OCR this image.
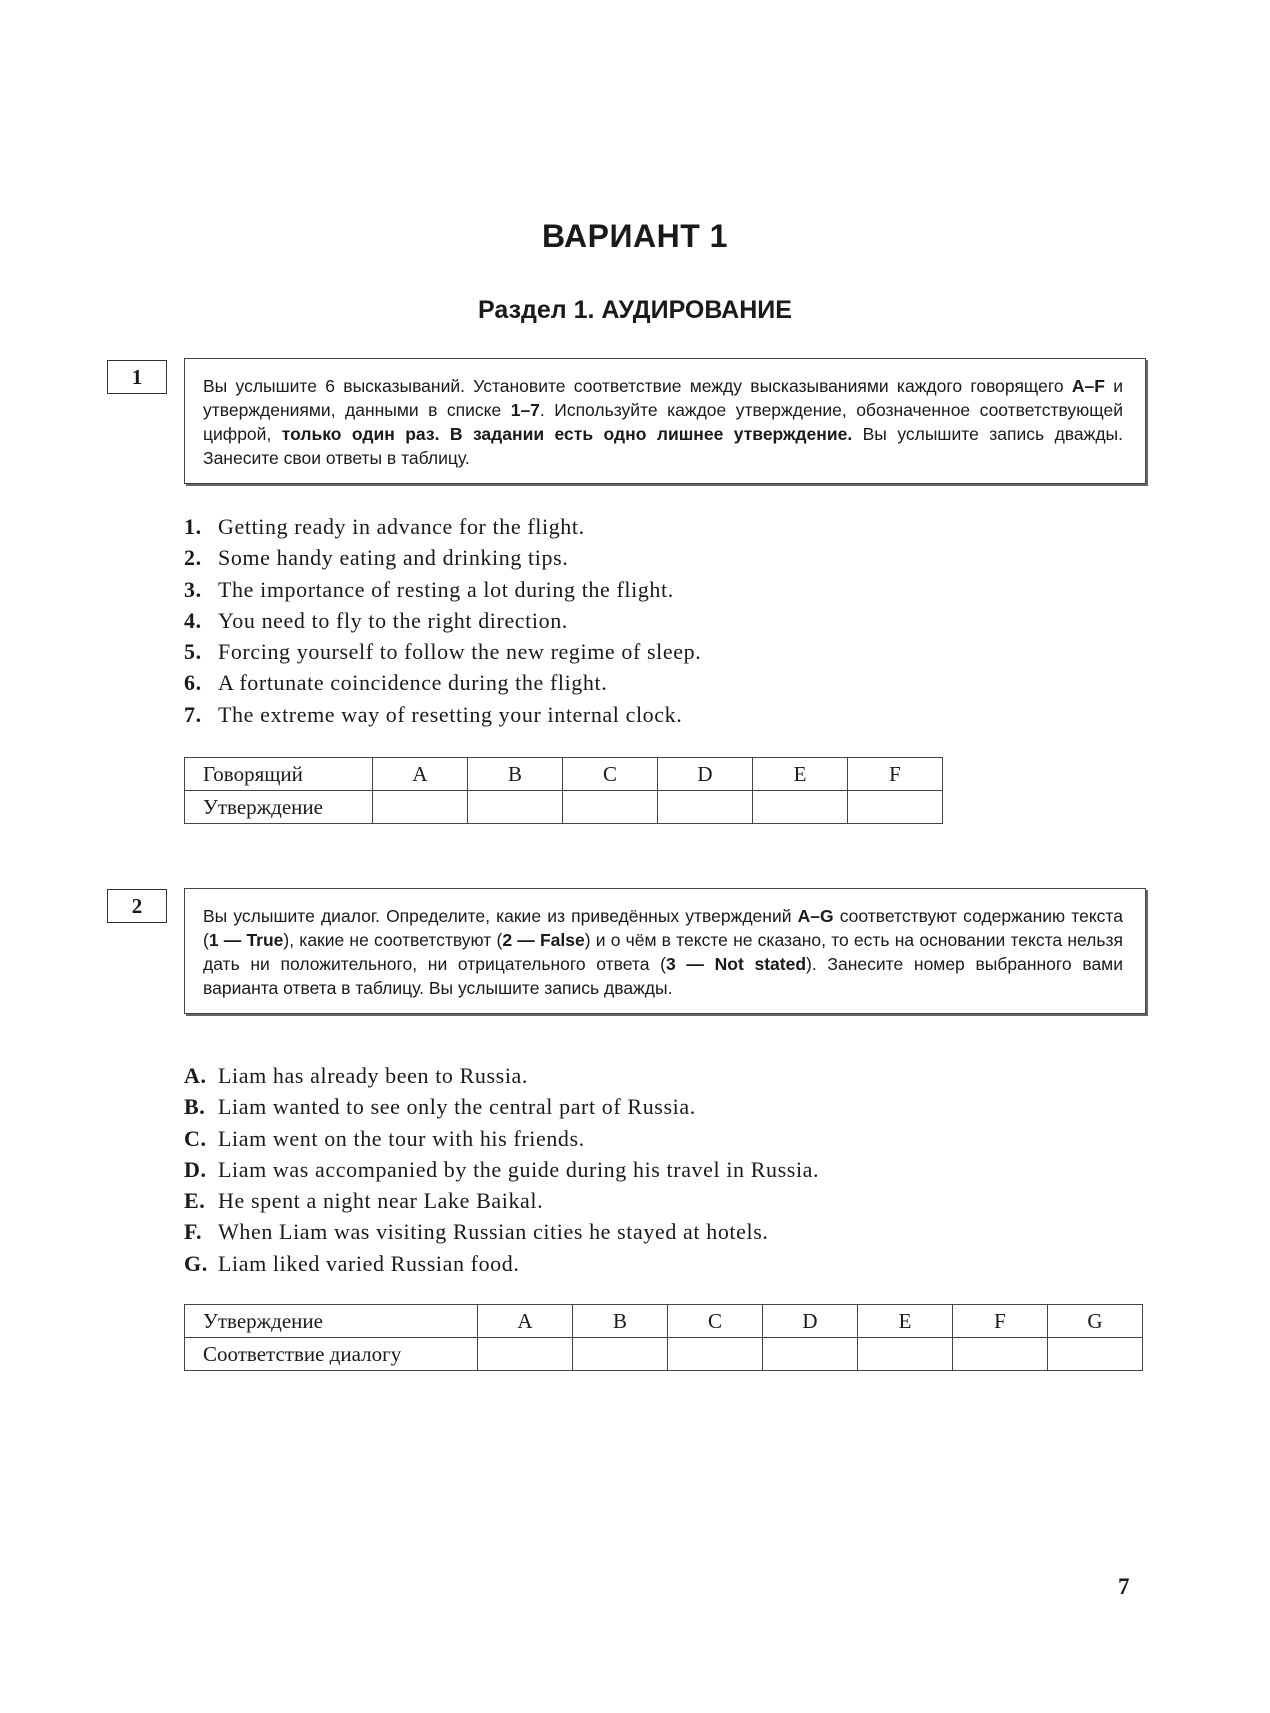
ВАРИАНТ 1
Раздел 1. АУДИРОВАНИЕ
1	Вы услышите 6 высказываний. Установите соответствие между высказываниями каждого говорящего A–F и утверждениями, данными в списке 1–7. Используйте каждое утверждение, обозначенное соответствующей цифрой, только один раз. В задании есть одно лишнее утверждение. Вы услышите запись дважды. Занесите свои ответы в таблицу.
1. Getting ready in advance for the flight.
2. Some handy eating and drinking tips.
3. The importance of resting a lot during the flight.
4. You need to fly to the right direction.
5. Forcing yourself to follow the new regime of sleep.
6. A fortunate coincidence during the flight.
7. The extreme way of resetting your internal clock.
Говорящий	A	B	C	D	E	F
Утверждение						
2	Вы услышите диалог. Определите, какие из приведённых утверждений A–G соответствуют содержанию текста (1 — True), какие не соответствуют (2 — False) и о чём в тексте не сказано, то есть на основании текста нельзя дать ни положительного, ни отрицательного ответа (3 — Not stated). Занесите номер выбранного вами варианта ответа в таблицу. Вы услышите запись дважды.
A. Liam has already been to Russia.
B. Liam wanted to see only the central part of Russia.
C. Liam went on the tour with his friends.
D. Liam was accompanied by the guide during his travel in Russia.
E. He spent a night near Lake Baikal.
F. When Liam was visiting Russian cities he stayed at hotels.
G. Liam liked varied Russian food.
Утверждение	A	B	C	D	E	F	G
Соответствие диалогу							
7
